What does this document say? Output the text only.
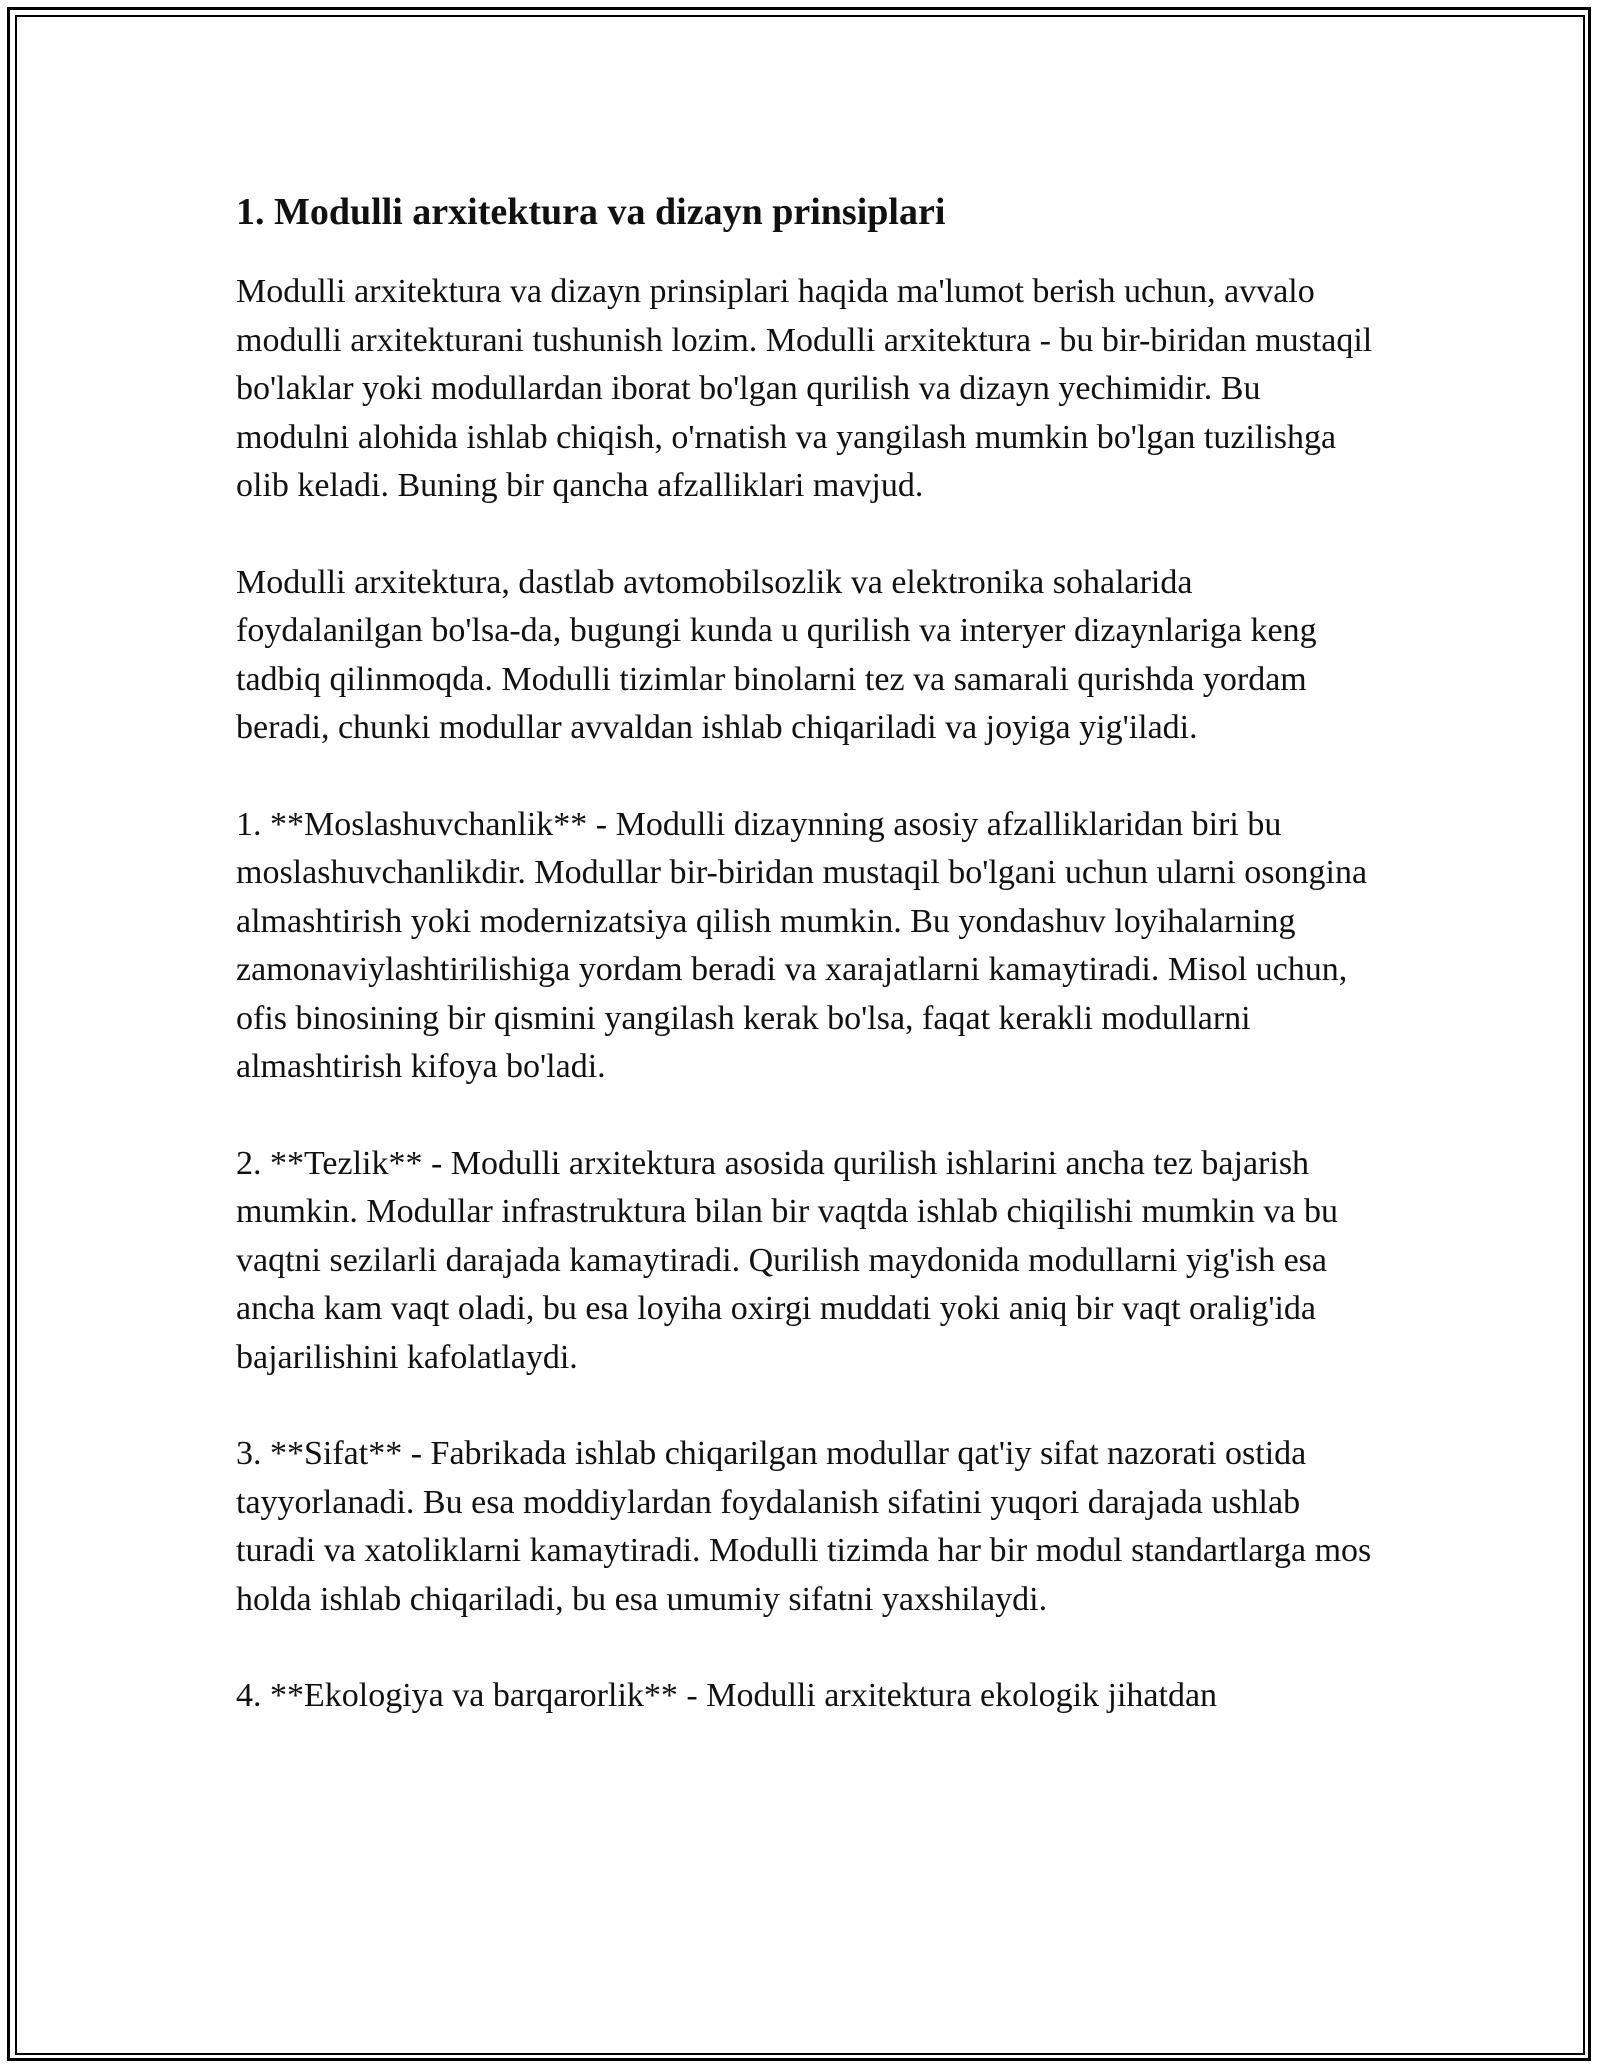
1. Modulli arxitektura va dizayn prinsiplari

Modulli arxitektura va dizayn prinsiplari haqida ma'lumot berish uchun, avvalo modulli arxitekturani tushunish lozim. Modulli arxitektura - bu bir-biridan mustaqil bo'laklar yoki modullardan iborat bo'lgan qurilish va dizayn yechimidir. Bu modulni alohida ishlab chiqish, o'rnatish va yangilash mumkin bo'lgan tuzilishga olib keladi. Buning bir qancha afzalliklari mavjud.

Modulli arxitektura, dastlab avtomobilsozlik va elektronika sohalarida foydalanilgan bo'lsa-da, bugungi kunda u qurilish va interyer dizaynlariga keng tadbiq qilinmoqda. Modulli tizimlar binolarni tez va samarali qurishda yordam beradi, chunki modullar avvaldan ishlab chiqariladi va joyiga yig'iladi.

1. **Moslashuvchanlik** - Modulli dizaynning asosiy afzalliklaridan biri bu moslashuvchanlikdir. Modullar bir-biridan mustaqil bo'lgani uchun ularni osongina almashtirish yoki modernizatsiya qilish mumkin. Bu yondashuv loyihalarning zamonaviylashtirilishiga yordam beradi va xarajatlarni kamaytiradi. Misol uchun, ofis binosining bir qismini yangilash kerak bo'lsa, faqat kerakli modullarni almashtirish kifoya bo'ladi.

2. **Tezlik** - Modulli arxitektura asosida qurilish ishlarini ancha tez bajarish mumkin. Modullar infrastruktura bilan bir vaqtda ishlab chiqilishi mumkin va bu vaqtni sezilarli darajada kamaytiradi. Qurilish maydonida modullarni yig'ish esa ancha kam vaqt oladi, bu esa loyiha oxirgi muddati yoki aniq bir vaqt oralig'ida bajarilishini kafolatlaydi.

3. **Sifat** - Fabrikada ishlab chiqarilgan modullar qat'iy sifat nazorati ostida tayyorlanadi. Bu esa moddiylardan foydalanish sifatini yuqori darajada ushlab turadi va xatoliklarni kamaytiradi. Modulli tizimda har bir modul standartlarga mos holda ishlab chiqariladi, bu esa umumiy sifatni yaxshilaydi.

4. **Ekologiya va barqarorlik** - Modulli arxitektura ekologik jihatdan
